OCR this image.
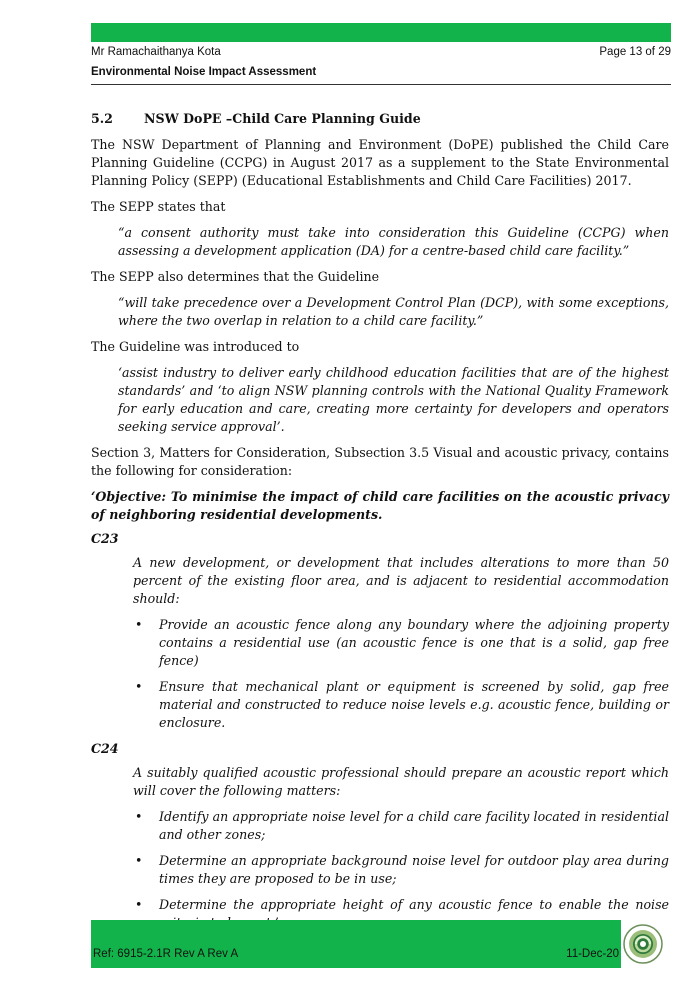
Mr Ramachaithanya Kota	Page 13 of 29
Environmental Noise Impact Assessment

5.2 NSW DoPE –Child Care Planning Guide

The NSW Department of Planning and Environment (DoPE) published the Child Care Planning Guideline (CCPG) in August 2017 as a supplement to the State Environmental Planning Policy (SEPP) (Educational Establishments and Child Care Facilities) 2017.

The SEPP states that

“a consent authority must take into consideration this Guideline (CCPG) when assessing a development application (DA) for a centre-based child care facility.”

The SEPP also determines that the Guideline

“will take precedence over a Development Control Plan (DCP), with some exceptions, where the two overlap in relation to a child care facility.”

The Guideline was introduced to

‘assist industry to deliver early childhood education facilities that are of the highest standards’ and ‘to align NSW planning controls with the National Quality Framework for early education and care, creating more certainty for developers and operators seeking service approval’.

Section 3, Matters for Consideration, Subsection 3.5 Visual and acoustic privacy, contains the following for consideration:

‘Objective: To minimise the impact of child care facilities on the acoustic privacy of neighboring residential developments.

C23

A new development, or development that includes alterations to more than 50 percent of the existing floor area, and is adjacent to residential accommodation should:

• Provide an acoustic fence along any boundary where the adjoining property contains a residential use (an acoustic fence is one that is a solid, gap free fence)
• Ensure that mechanical plant or equipment is screened by solid, gap free material and constructed to reduce noise levels e.g. acoustic fence, building or enclosure.

C24

A suitably qualified acoustic professional should prepare an acoustic report which will cover the following matters:

• Identify an appropriate noise level for a child care facility located in residential and other zones;
• Determine an appropriate background noise level for outdoor play area during times they are proposed to be in use;
• Determine the appropriate height of any acoustic fence to enable the noise
Ref: 6915-2.1R Rev A Rev A	11-Dec-20
